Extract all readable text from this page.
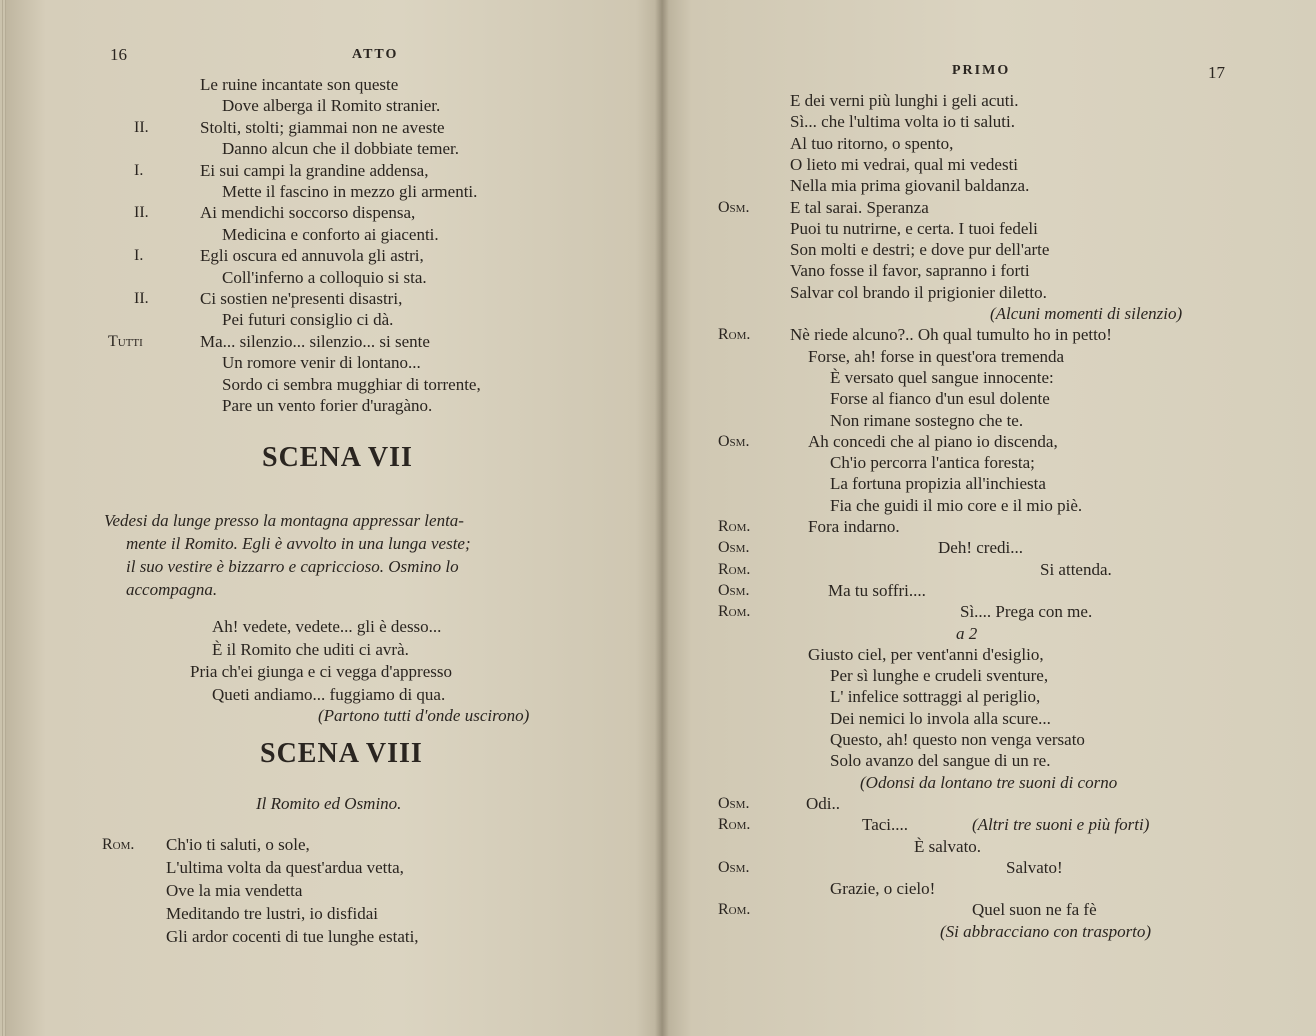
16	ATTO
Le ruine incantate son queste
Dove alberga il Romito stranier.
II.	Stolti, stolti; giammai non ne aveste
Danno alcun che il dobbiate temer.
I.	Ei sui campi la grandine addensa,
Mette il fascino in mezzo gli armenti.
II.	Ai mendichi soccorso dispensa,
Medicina e conforto ai giacenti.
I.	Egli oscura ed annuvola gli astri,
Coll'inferno a colloquio si sta.
II.	Ci sostien ne'presenti disastri,
Pei futuri consiglio ci dà.
Tutti	Ma... silenzio... silenzio... si sente
Un romore venir di lontano...
Sordo ci sembra mugghiar di torrente,
Pare un vento forier d'uragàno.
SCENA VII
Vedesi da lunge presso la montagna appressar lenta-
mente il Romito. Egli è avvolto in una lunga veste;
il suo vestire è bizzarro e capriccioso. Osmino lo
accompagna.
Ah! vedete, vedete... gli è desso...
È il Romito che uditi ci avrà.
Pria ch'ei giunga e ci vegga d'appresso
Queti andiamo... fuggiamo di qua.
(Partono tutti d'onde uscirono)
SCENA VIII
Il Romito ed Osmino.
Rom. Ch'io ti saluti, o sole,
L'ultima volta da quest'ardua vetta,
Ove la mia vendetta
Meditando tre lustri, io disfidai
Gli ardor cocenti di tue lunghe estati,
PRIMO	17
E dei verni più lunghi i geli acuti.
Sì... che l'ultima volta io ti saluti.
Al tuo ritorno, o spento,
O lieto mi vedrai, qual mi vedesti
Nella mia prima giovanil baldanza.
Osm. E tal sarai. Speranza
Puoi tu nutrirne, e certa. I tuoi fedeli
Son molti e destri; e dove pur dell'arte
Vano fosse il favor, sapranno i forti
Salvar col brando il prigionier diletto.
(Alcuni momenti di silenzio)
Rom. Nè riede alcuno?.. Oh qual tumulto ho in petto!
Forse, ah! forse in quest'ora tremenda
È versato quel sangue innocente:
Forse al fianco d'un esul dolente
Non rimane sostegno che te.
Osm.	Ah concedi che al piano io discenda,
Ch'io percorra l'antica foresta;
La fortuna propizia all'inchiesta
Fia che guidi il mio core e il mio piè.
Rom.	Fora indarno.
Osm.	Deh! credi...
Rom.	Si attenda.
Osm.	Ma tu soffri....
Rom.	Sì.... Prega con me.
a 2
Giusto ciel, per vent'anni d'esiglio,
Per sì lunghe e crudeli sventure,
L' infelice sottraggi al periglio,
Dei nemici lo invola alla scure...
Questo, ah! questo non venga versato
Solo avanzo del sangue di un re.
(Odonsi da lontano tre suoni di corno
Osm.	Odi..
Rom.	Taci....	(Altri tre suoni e più forti)
È salvato.
Osm.	Salvato!
Grazie, o cielo!
Rom.	Quel suon ne fa fè
(Si abbracciano con trasporto)
